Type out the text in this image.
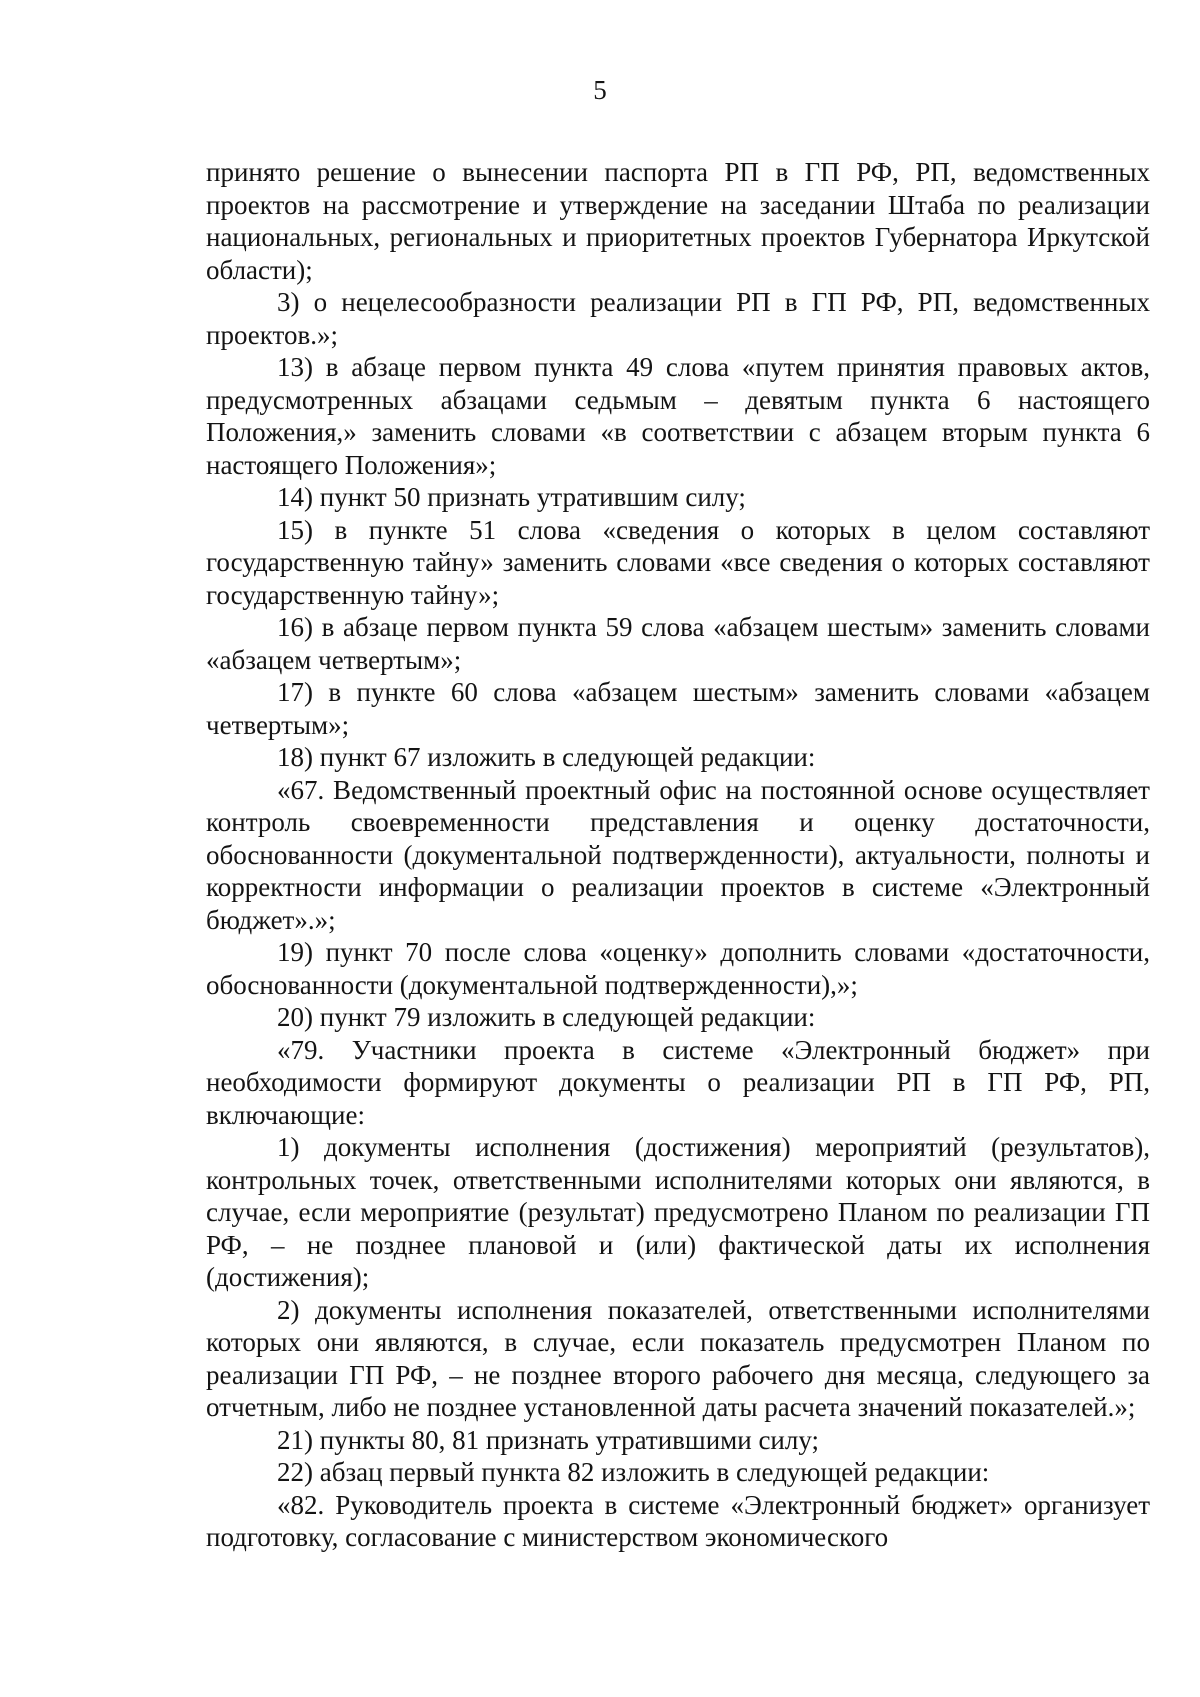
5

принято решение о вынесении паспорта РП в ГП РФ, РП, ведомственных проектов на рассмотрение и утверждение на заседании Штаба по реализации национальных, региональных и приоритетных проектов Губернатора Иркутской области);

3) о нецелесообразности реализации РП в ГП РФ, РП, ведомственных проектов.»;

13) в абзаце первом пункта 49 слова «путем принятия правовых актов, предусмотренных абзацами седьмым – девятым пункта 6 настоящего Положения,» заменить словами «в соответствии с абзацем вторым пункта 6 настоящего Положения»;

14) пункт 50 признать утратившим силу;

15) в пункте 51 слова «сведения о которых в целом составляют государственную тайну» заменить словами «все сведения о которых составляют государственную тайну»;

16) в абзаце первом пункта 59 слова «абзацем шестым» заменить словами «абзацем четвертым»;

17) в пункте 60 слова «абзацем шестым» заменить словами «абзацем четвертым»;

18) пункт 67 изложить в следующей редакции:

«67. Ведомственный проектный офис на постоянной основе осуществляет контроль своевременности представления и оценку достаточности, обоснованности (документальной подтвержденности), актуальности, полноты и корректности информации о реализации проектов в системе «Электронный бюджет».»;

19) пункт 70 после слова «оценку» дополнить словами «достаточности, обоснованности (документальной подтвержденности),»;

20) пункт 79 изложить в следующей редакции:

«79. Участники проекта в системе «Электронный бюджет» при необходимости формируют документы о реализации РП в ГП РФ, РП, включающие:

1) документы исполнения (достижения) мероприятий (результатов), контрольных точек, ответственными исполнителями которых они являются, в случае, если мероприятие (результат) предусмотрено Планом по реализации ГП РФ, – не позднее плановой и (или) фактической даты их исполнения (достижения);

2) документы исполнения показателей, ответственными исполнителями которых они являются, в случае, если показатель предусмотрен Планом по реализации ГП РФ, – не позднее второго рабочего дня месяца, следующего за отчетным, либо не позднее установленной даты расчета значений показателей.»;

21) пункты 80, 81 признать утратившими силу;

22) абзац первый пункта 82 изложить в следующей редакции:

«82. Руководитель проекта в системе «Электронный бюджет» организует подготовку, согласование с министерством экономического
